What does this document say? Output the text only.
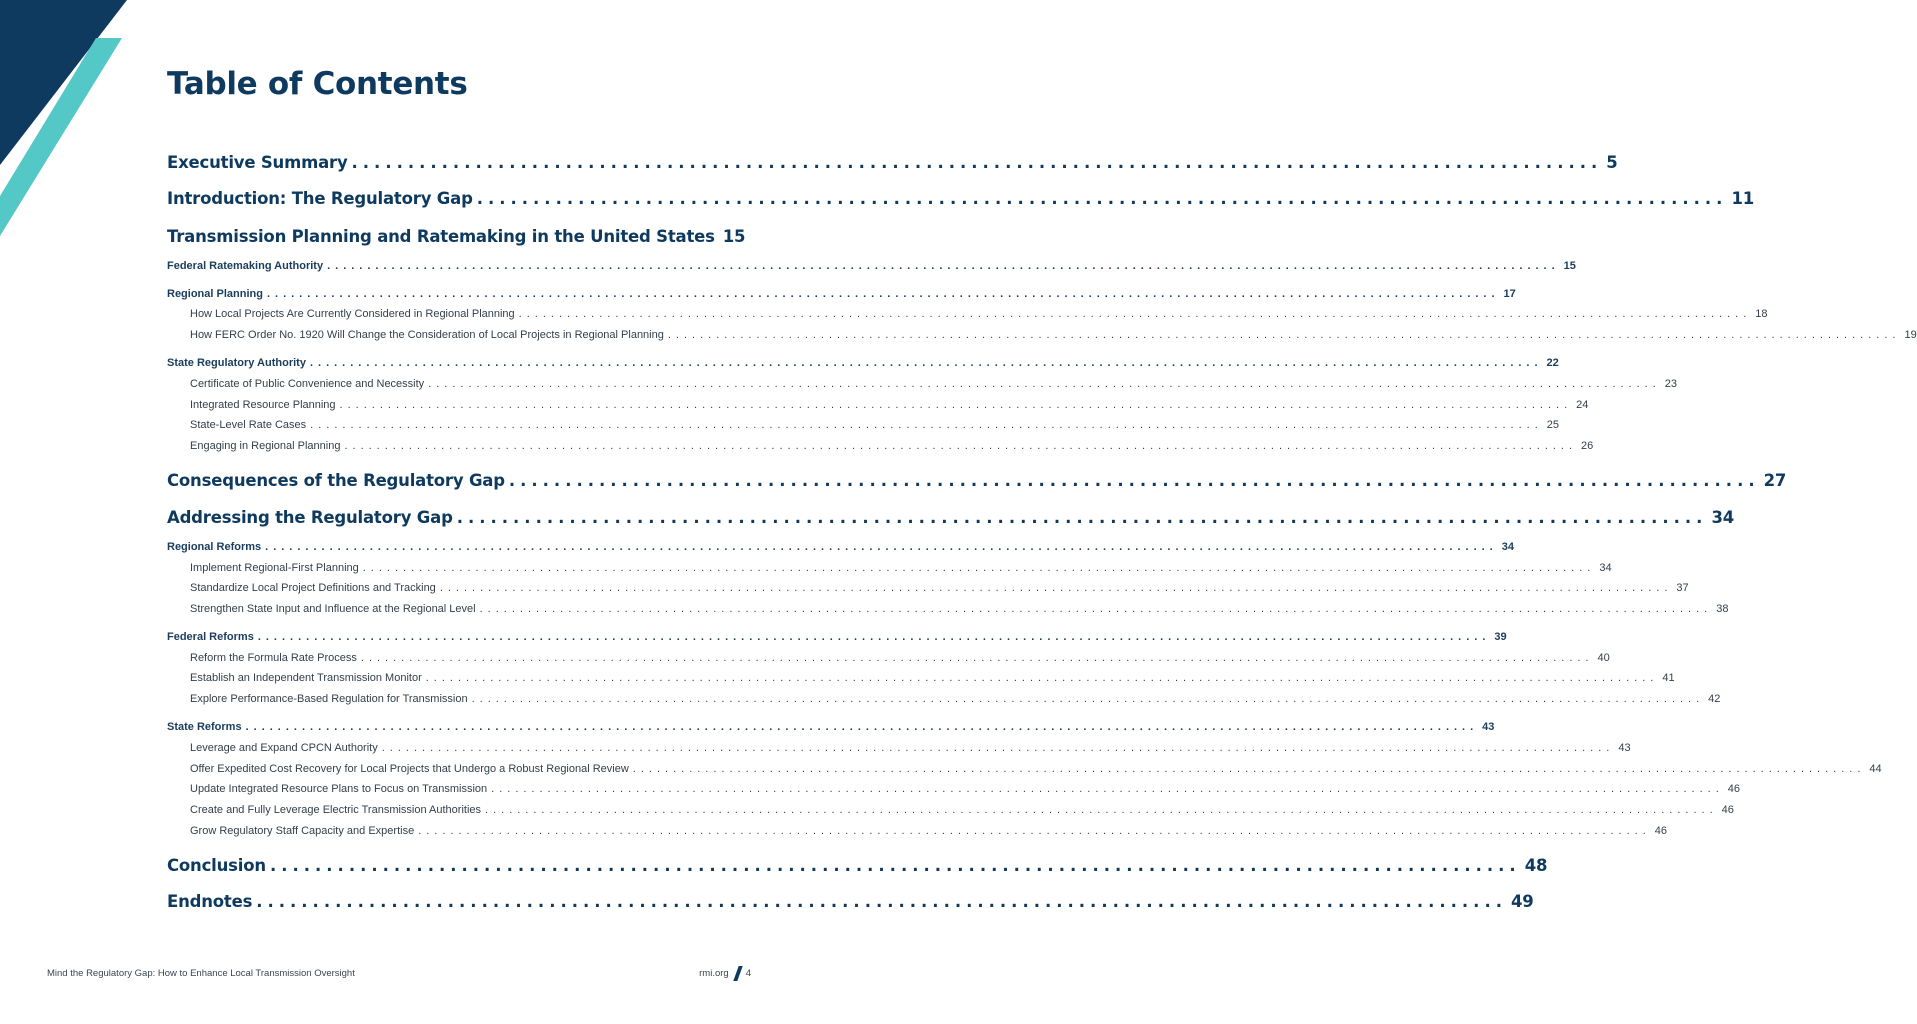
Table of Contents
Executive Summary ............................................................................................................... 5
Introduction: The Regulatory Gap ............................................................................................................... 11
Transmission Planning and Ratemaking in the United States 15
Federal Ratemaking Authority ......................................................................................................................................................... 15
Regional Planning ......................................................................................................................................................... 17
How Local Projects Are Currently Considered in Regional Planning ......................................................................................................................................................... 18
How FERC Order No. 1920 Will Change the Consideration of Local Projects in Regional Planning ......................................................................................................................................................... 19
State Regulatory Authority ......................................................................................................................................................... 22
Certificate of Public Convenience and Necessity ......................................................................................................................................................... 23
Integrated Resource Planning ......................................................................................................................................................... 24
State-Level Rate Cases ......................................................................................................................................................... 25
Engaging in Regional Planning ......................................................................................................................................................... 26
Consequences of the Regulatory Gap ............................................................................................................... 27
Addressing the Regulatory Gap ............................................................................................................... 34
Regional Reforms ......................................................................................................................................................... 34
Implement Regional-First Planning ......................................................................................................................................................... 34
Standardize Local Project Definitions and Tracking ......................................................................................................................................................... 37
Strengthen State Input and Influence at the Regional Level ......................................................................................................................................................... 38
Federal Reforms ......................................................................................................................................................... 39
Reform the Formula Rate Process ......................................................................................................................................................... 40
Establish an Independent Transmission Monitor ......................................................................................................................................................... 41
Explore Performance-Based Regulation for Transmission ......................................................................................................................................................... 42
State Reforms ......................................................................................................................................................... 43
Leverage and Expand CPCN Authority ......................................................................................................................................................... 43
Offer Expedited Cost Recovery for Local Projects that Undergo a Robust Regional Review ......................................................................................................................................................... 44
Update Integrated Resource Plans to Focus on Transmission ......................................................................................................................................................... 46
Create and Fully Leverage Electric Transmission Authorities ......................................................................................................................................................... 46
Grow Regulatory Staff Capacity and Expertise ......................................................................................................................................................... 46
Conclusion ............................................................................................................... 48
Endnotes ............................................................................................................... 49
Mind the Regulatory Gap: How to Enhance Local Transmission Oversight	rmi.org 4
